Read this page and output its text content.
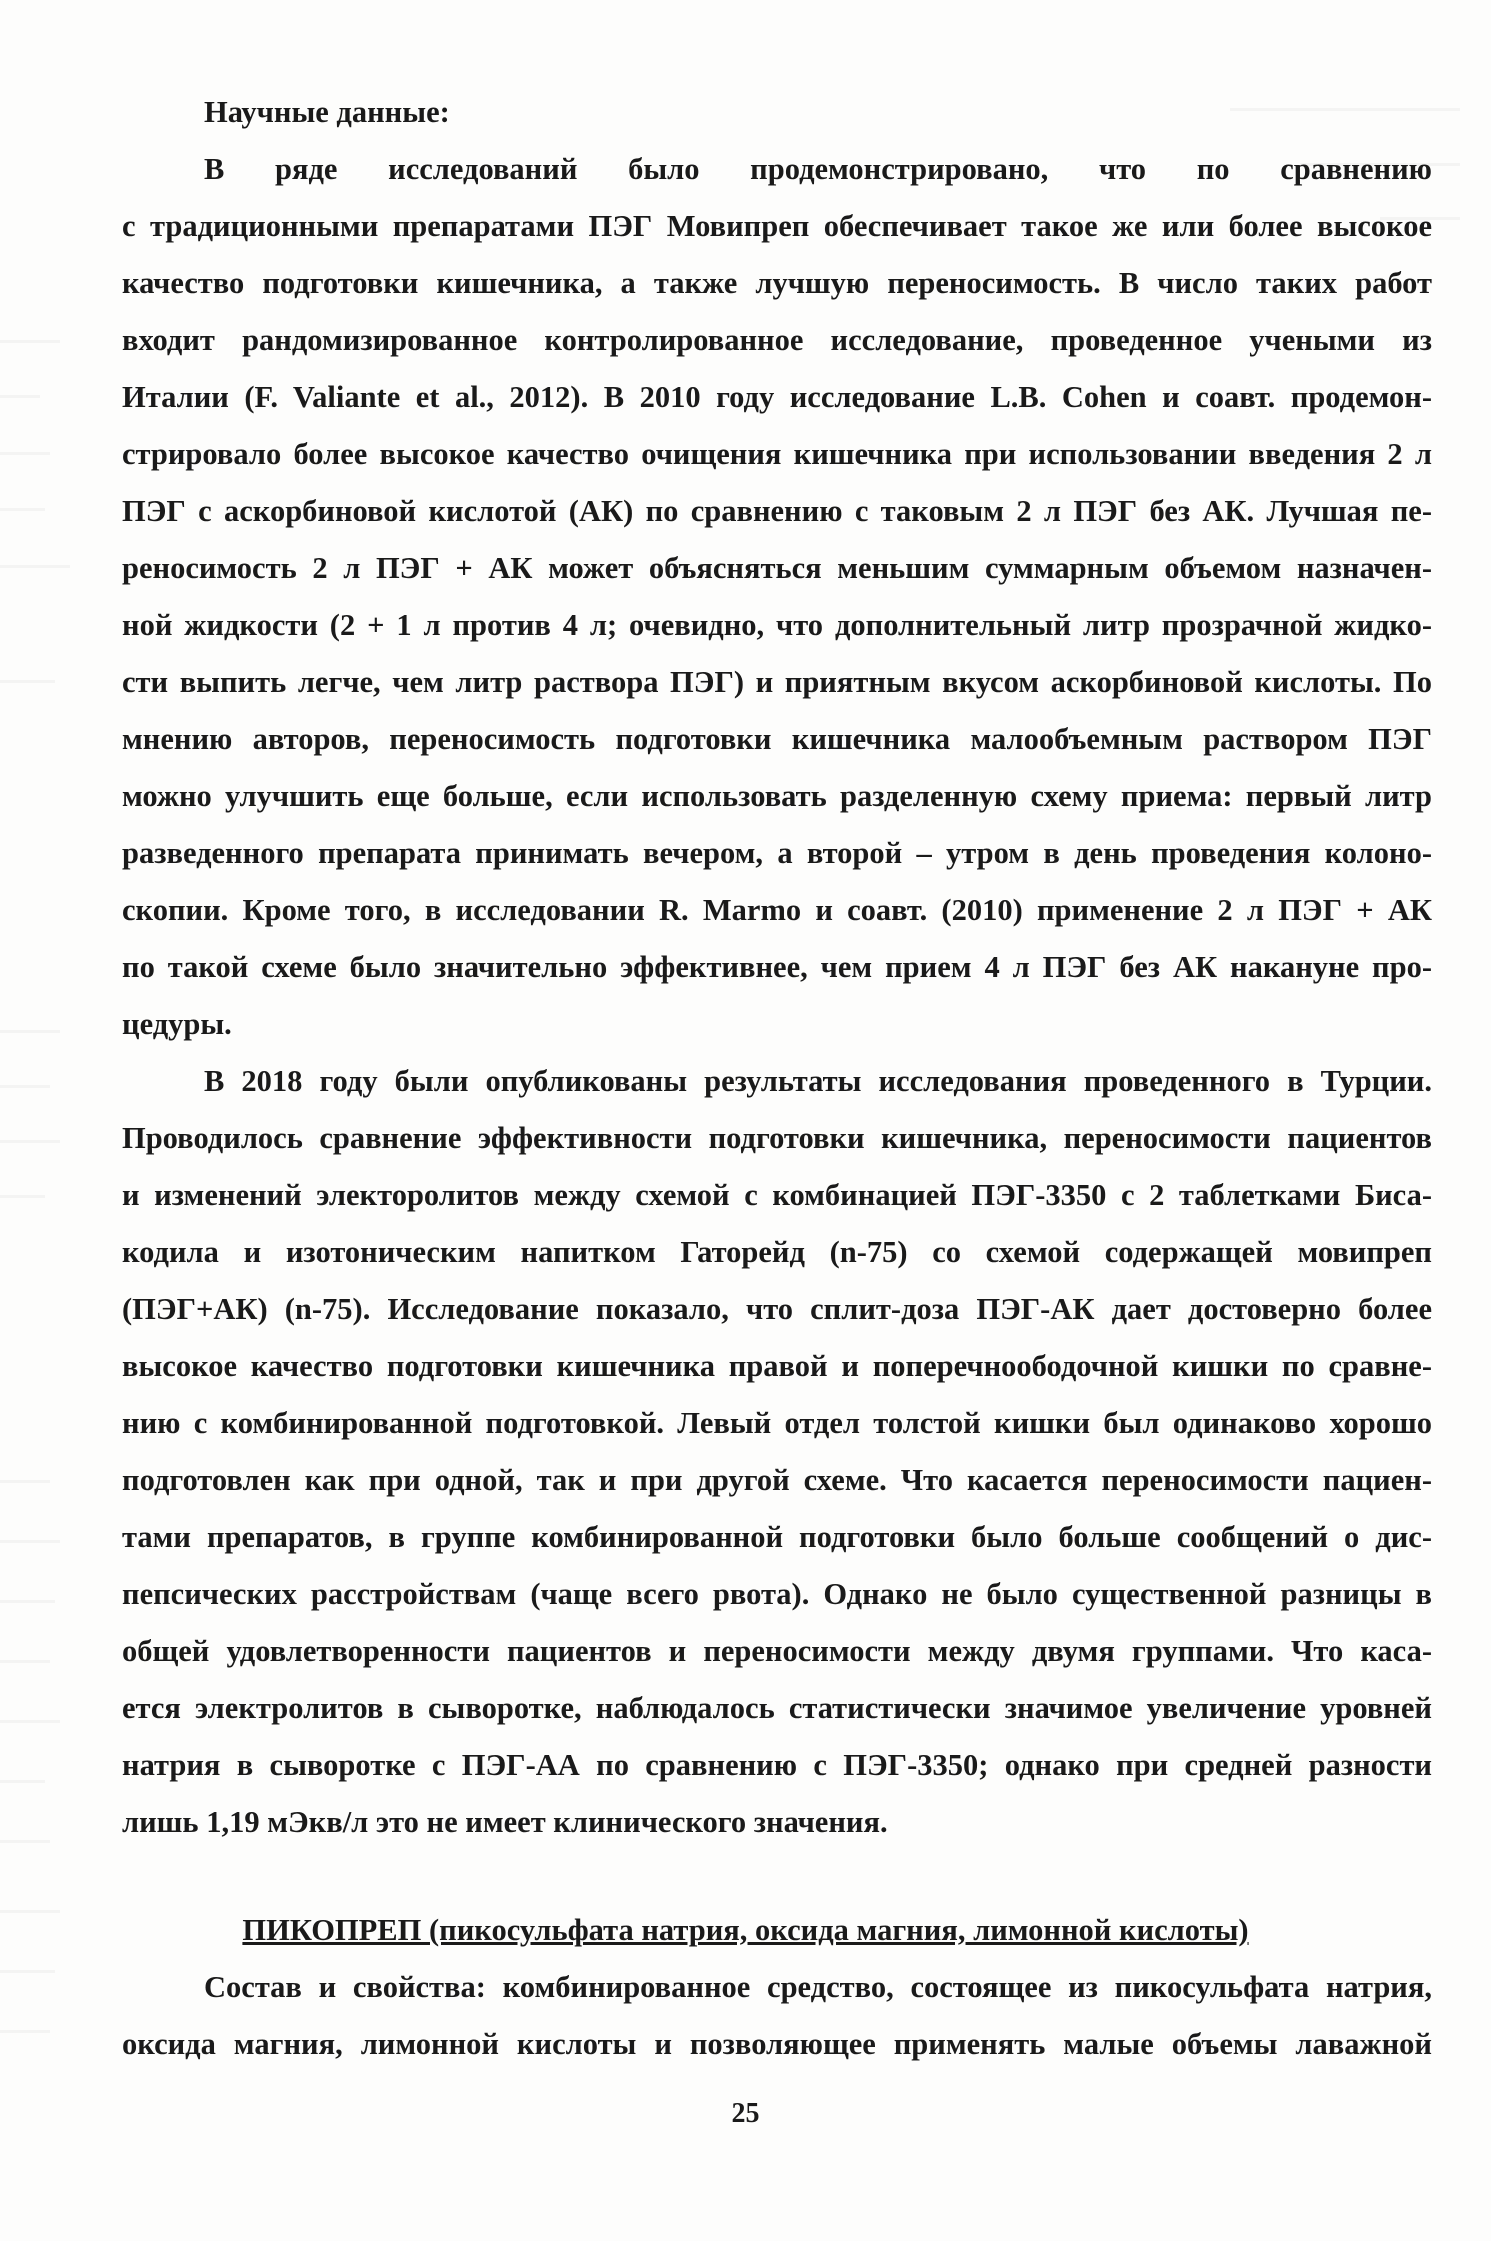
Научные данные:
В ряде исследований было продемонстрировано, что по сравнению
с традиционными препаратами ПЭГ Мовипреп обеспечивает такое же или более высокое
качество подготовки кишечника, а также лучшую переносимость. В число таких работ
входит рандомизированное контролированное исследование, проведенное учеными из
Италии (F. Valiante et al., 2012). В 2010 году исследование L.B. Cohen и соавт. продемон-
стрировало более высокое качество очищения кишечника при использовании введения 2 л
ПЭГ с аскорбиновой кислотой (АК) по сравнению с таковым 2 л ПЭГ без АК. Лучшая пе-
реносимость 2 л ПЭГ + АК может объясняться меньшим суммарным объемом назначен-
ной жидкости (2 + 1 л против 4 л; очевидно, что дополнительный литр прозрачной жидко-
сти выпить легче, чем литр раствора ПЭГ) и приятным вкусом аскорбиновой кислоты. По
мнению авторов, переносимость подготовки кишечника малообъемным раствором ПЭГ
можно улучшить еще больше, если использовать разделенную схему приема: первый литр
разведенного препарата принимать вечером, а второй – утром в день проведения колоно-
скопии. Кроме того, в исследовании R. Marmo и соавт. (2010) применение 2 л ПЭГ + АК
по такой схеме было значительно эффективнее, чем прием 4 л ПЭГ без АК накануне про-
цедуры.
В 2018 году были опубликованы результаты исследования проведенного в Турции.
Проводилось сравнение эффективности подготовки кишечника, переносимости пациентов
и изменений электоролитов между схемой с комбинацией ПЭГ-3350 с 2 таблетками Биса-
кодила и изотоническим напитком Гаторейд (n-75) со схемой содержащей мовипреп
(ПЭГ+АК) (n-75). Исследование показало, что сплит-доза ПЭГ-АК дает достоверно более
высокое качество подготовки кишечника правой и поперечноободочной кишки по сравне-
нию с комбинированной подготовкой. Левый отдел толстой кишки был одинаково хорошо
подготовлен как при одной, так и при другой схеме. Что касается переносимости пациен-
тами препаратов, в группе комбинированной подготовки было больше сообщений о дис-
пепсических расстройствам (чаще всего рвота). Однако не было существенной разницы в
общей удовлетворенности пациентов и переносимости между двумя группами. Что каса-
ется электролитов в сыворотке, наблюдалось статистически значимое увеличение уровней
натрия в сыворотке с ПЭГ-АА по сравнению с ПЭГ-3350; однако при средней разности
лишь 1,19 мЭкв/л это не имеет клинического значения.
ПИКОПРЕП (пикосульфата натрия, оксида магния, лимонной кислоты)
Состав и свойства: комбинированное средство, состоящее из пикосульфата натрия,
оксида магния, лимонной кислоты и позволяющее применять малые объемы лаважной
25
